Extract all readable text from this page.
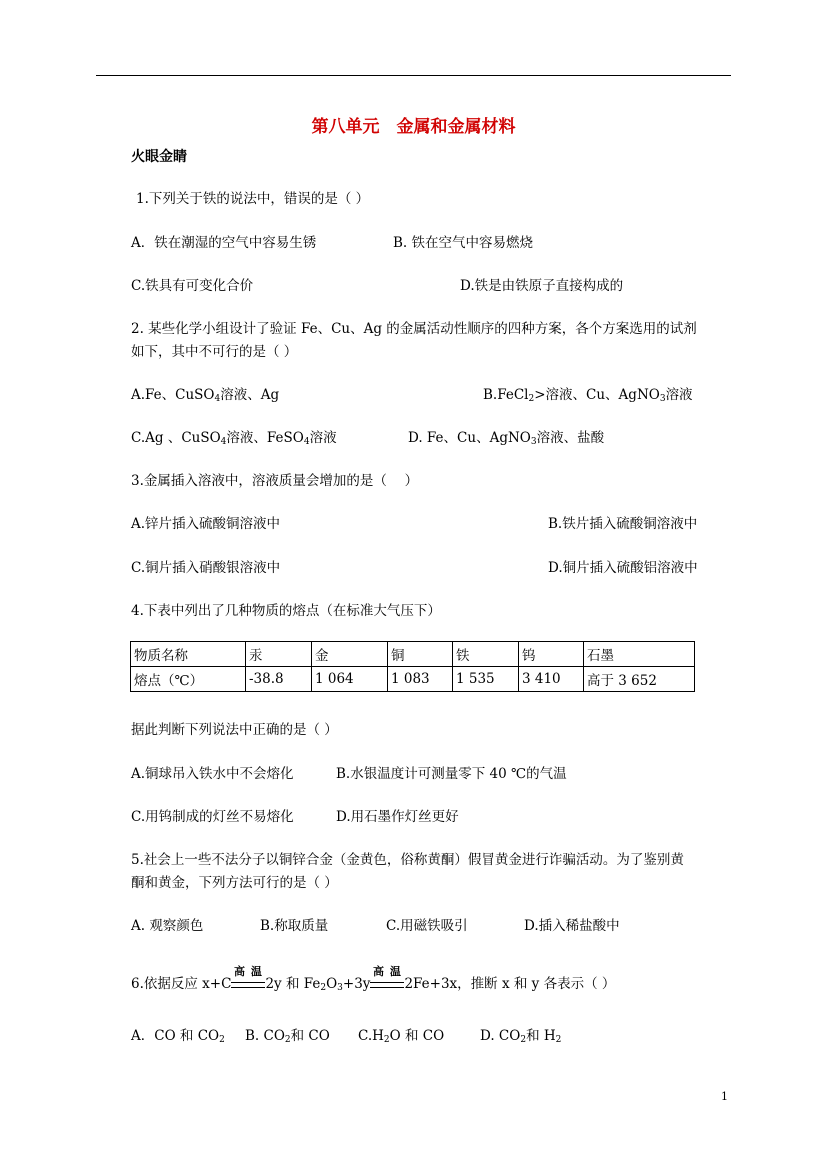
第八单元　金属和金属材料
火眼金睛
1.下列关于铁的说法中，错误的是（ ）
A．铁在潮湿的空气中容易生锈	B. 铁在空气中容易燃烧
C.铁具有可变化合价	D.铁是由铁原子直接构成的
2. 某些化学小组设计了验证 Fe、Cu、Ag 的金属活动性顺序的四种方案，各个方案选用的试剂
如下，其中不可行的是（ ）
A.Fe、CuSO$_4$溶液、Ag	B.FeCl$_2$>溶液、Cu、AgNO$_3$溶液
C.Ag 、CuSO$_4$溶液、FeSO$_4$溶液	D. Fe、Cu、AgNO$_3$溶液、盐酸
3.金属插入溶液中，溶液质量会增加的是（　 ）
A.锌片插入硫酸铜溶液中	B.铁片插入硫酸铜溶液中
C.铜片插入硝酸银溶液中	D.铜片插入硫酸铝溶液中
4.下表中列出了几种物质的熔点（在标准大气压下）
物质名称	汞	金	铜	铁	钨	石墨
熔点（℃）	-38.8	1 064	1 083	1 535	3 410	高于 3 652
据此判断下列说法中正确的是（ ）
A.铜球吊入铁水中不会熔化	B.水银温度计可测量零下 40 ℃的气温
C.用钨制成的灯丝不易熔化	D.用石墨作灯丝更好
5.社会上一些不法分子以铜锌合金（金黄色，俗称黄酮）假冒黄金进行诈骗活动。为了鉴别黄
酮和黄金，下列方法可行的是（ ）
A. 观察颜色	B.称取质量	C.用磁铁吸引	D.插入稀盐酸中
6.依据反应 x+C
高 温
2y 和 $Fe_2O_3+3y$
高 温
2Fe+3x，推断 x 和 y 各表示（ ）
A．CO 和 $CO_2$ B. $CO_2$和 CO $C.H_2O$ 和 CO	D. $CO_2$和 $H_2$
1
